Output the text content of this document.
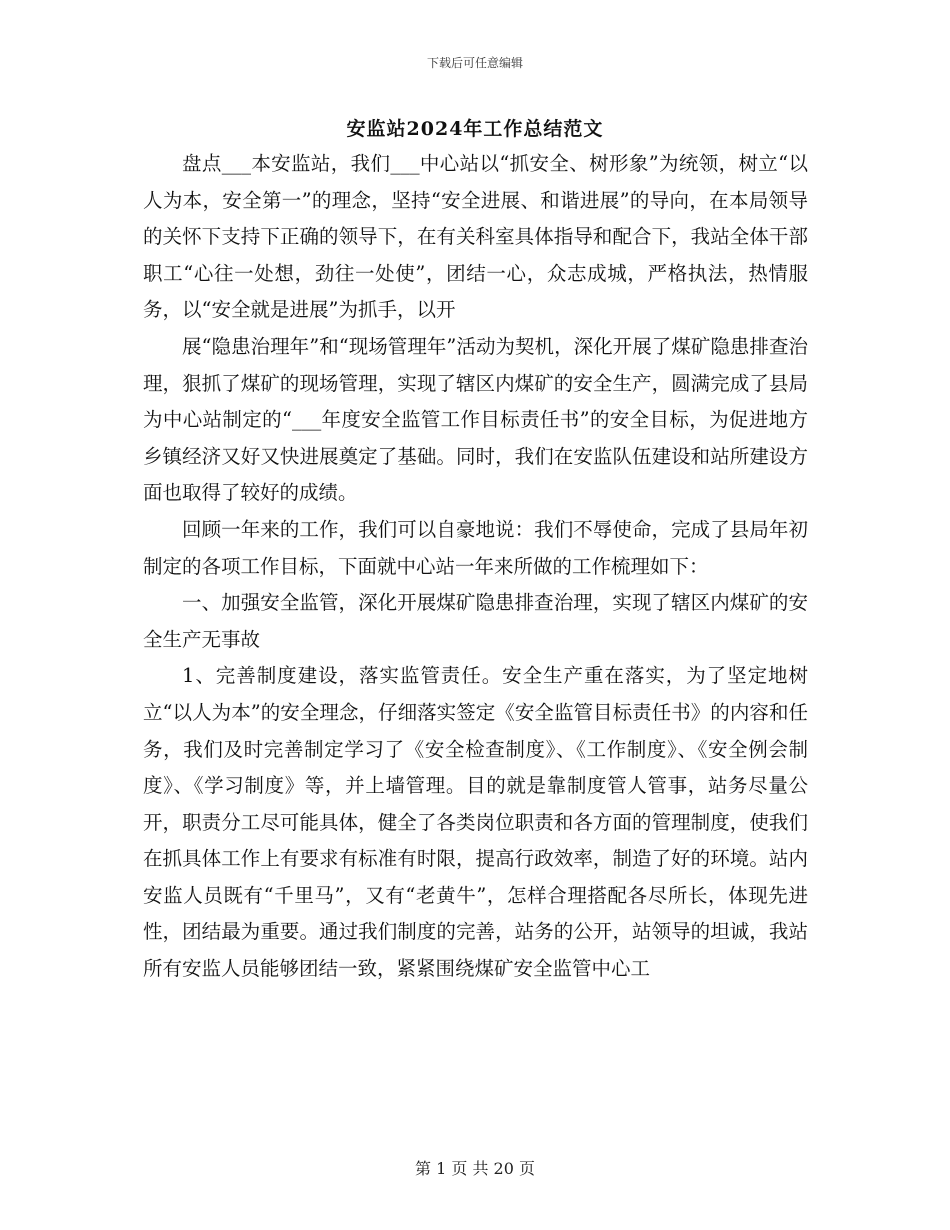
下载后可任意编辑
安监站2024年工作总结范文

盘点___本安监站，我们___中心站以“抓安全、树形象”为统领，树立“以人为本，安全第一”的理念，坚持“安全进展、和谐进展”的导向，在本局领导的关怀下支持下正确的领导下，在有关科室具体指导和配合下，我站全体干部职工“心往一处想，劲往一处使”，团结一心，众志成城，严格执法，热情服务，以“安全就是进展”为抓手，以开

展“隐患治理年”和“现场管理年”活动为契机，深化开展了煤矿隐患排查治理，狠抓了煤矿的现场管理，实现了辖区内煤矿的安全生产，圆满完成了县局为中心站制定的“___年度安全监管工作目标责任书”的安全目标，为促进地方乡镇经济又好又快进展奠定了基础。同时，我们在安监队伍建设和站所建设方面也取得了较好的成绩。

回顾一年来的工作，我们可以自豪地说：我们不辱使命，完成了县局年初制定的各项工作目标，下面就中心站一年来所做的工作梳理如下：

一、加强安全监管，深化开展煤矿隐患排查治理，实现了辖区内煤矿的安全生产无事故

1、完善制度建设，落实监管责任。安全生产重在落实，为了坚定地树立“以人为本”的安全理念，仔细落实签定《安全监管目标责任书》的内容和任务，我们及时完善制定学习了《安全检查制度》、《工作制度》、《安全例会制度》、《学习制度》等，并上墙管理。目的就是靠制度管人管事，站务尽量公开，职责分工尽可能具体，健全了各类岗位职责和各方面的管理制度，使我们在抓具体工作上有要求有标准有时限，提高行政效率，制造了好的环境。站内安监人员既有“千里马”，又有“老黄牛”，怎样合理搭配各尽所长，体现先进性，团结最为重要。通过我们制度的完善，站务的公开，站领导的坦诚，我站所有安监人员能够团结一致，紧紧围绕煤矿安全监管中心工

第 1 页 共 20 页
